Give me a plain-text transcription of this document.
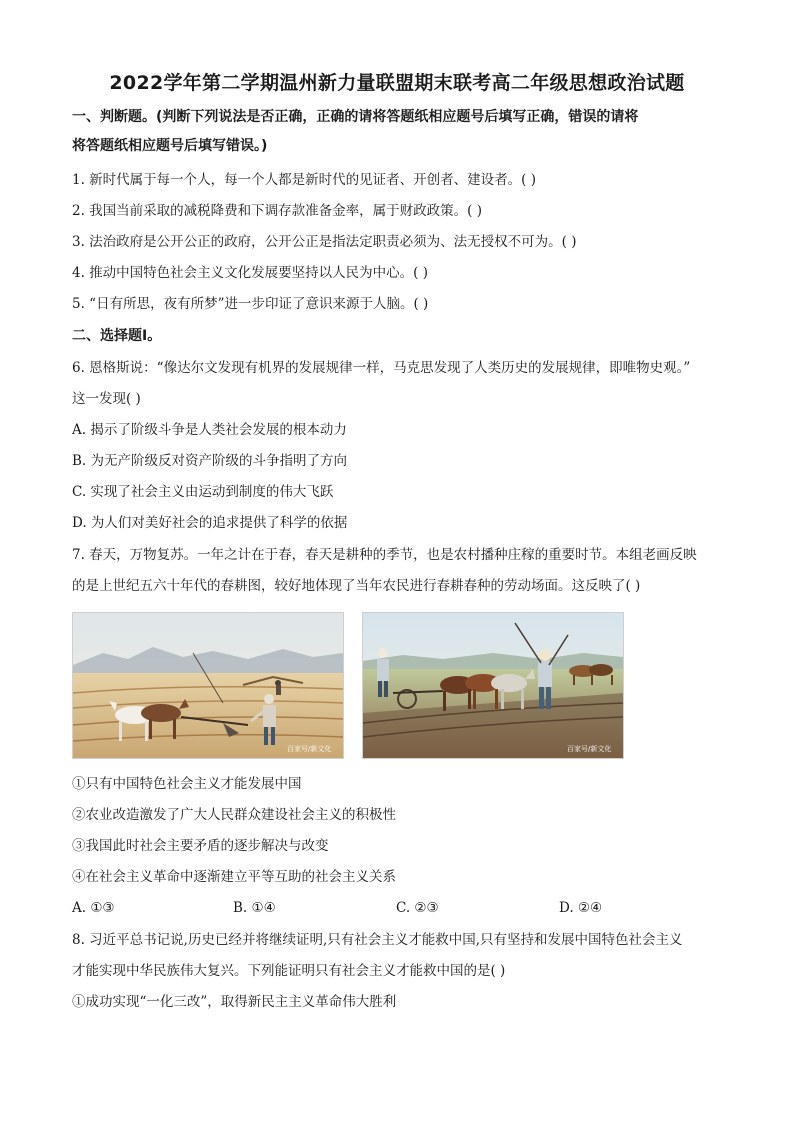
2022学年第二学期温州新力量联盟期末联考高二年级思想政治试题
一、判断题。(判断下列说法是否正确，正确的请将答题纸相应题号后填写正确，错误的请将
将答题纸相应题号后填写错误。)
1. 新时代属于每一个人，每一个人都是新时代的见证者、开创者、建设者。( )
2. 我国当前采取的减税降费和下调存款准备金率，属于财政政策。( )
3. 法治政府是公开公正的政府，公开公正是指法定职责必须为、法无授权不可为。( )
4. 推动中国特色社会主义文化发展要坚持以人民为中心。( )
5. “日有所思，夜有所梦”进一步印证了意识来源于人脑。( )
二、选择题Ⅰ。
6. 恩格斯说：“像达尔文发现有机界的发展规律一样，马克思发现了人类历史的发展规律，即唯物史观。”
这一发现( )
A. 揭示了阶级斗争是人类社会发展的根本动力
B. 为无产阶级反对资产阶级的斗争指明了方向
C. 实现了社会主义由运动到制度的伟大飞跃
D. 为人们对美好社会的追求提供了科学的依据
7. 春天，万物复苏。一年之计在于春，春天是耕种的季节，也是农村播种庄稼的重要时节。本组老画反映
的是上世纪五六十年代的春耕图，较好地体现了当年农民进行春耕春种的劳动场面。这反映了( )
百家号/新文化	百家号/新文化
①只有中国特色社会主义才能发展中国
②农业改造激发了广大人民群众建设社会主义的积极性
③我国此时社会主要矛盾的逐步解决与改变
④在社会主义革命中逐渐建立平等互助的社会主义关系
A. ①③	B. ①④	C. ②③	D. ②④
8. 习近平总书记说,历史已经并将继续证明,只有社会主义才能救中国,只有坚持和发展中国特色社会主义
才能实现中华民族伟大复兴。下列能证明只有社会主义才能救中国的是( )
①成功实现“一化三改”，取得新民主主义革命伟大胜利
